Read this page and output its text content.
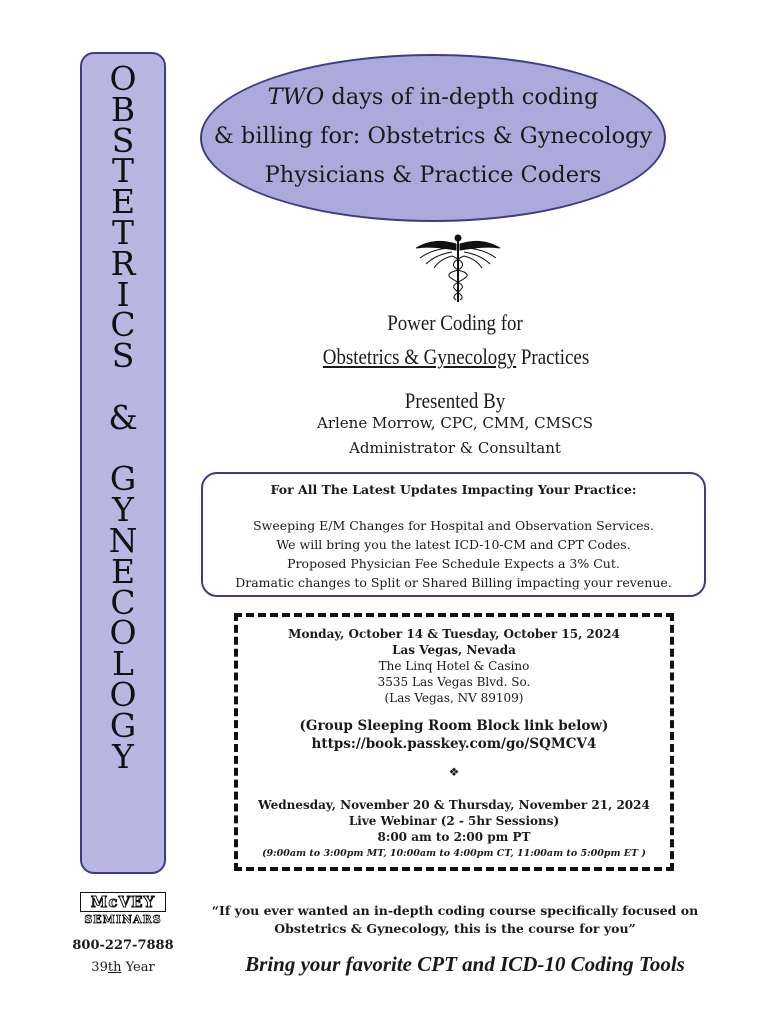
O
B
S
T
E
T
R
I
C
S

&

G
Y
N
E
C
O
L
O
G
Y
TWO days of in-depth coding
& billing for: Obstetrics & Gynecology
Physicians & Practice Coders
Power Coding for
Obstetrics & Gynecology Practices
Presented By
Arlene Morrow, CPC, CMM, CMSCS
Administrator & Consultant
For All The Latest Updates Impacting Your Practice:
Sweeping E/M Changes for Hospital and Observation Services.
We will bring you the latest ICD-10-CM and CPT Codes.
Proposed Physician Fee Schedule Expects a 3% Cut.
Dramatic changes to Split or Shared Billing impacting your revenue.
Monday, October 14 & Tuesday, October 15, 2024
Las Vegas, Nevada
The Linq Hotel & Casino
3535 Las Vegas Blvd. So.
(Las Vegas, NV 89109)
(Group Sleeping Room Block link below)
https://book.passkey.com/go/SQMCV4
❖
Wednesday, November 20 & Thursday, November 21, 2024
Live Webinar (2 - 5hr Sessions)
8:00 am to 2:00 pm PT
(9:00am to 3:00pm MT, 10:00am to 4:00pm CT, 11:00am to 5:00pm ET )
McVEY
SEMINARS
800-227-7888
39th Year
“If you ever wanted an in-depth coding course specifically focused on
Obstetrics & Gynecology, this is the course for you”
Bring your favorite CPT and ICD-10 Coding Tools
